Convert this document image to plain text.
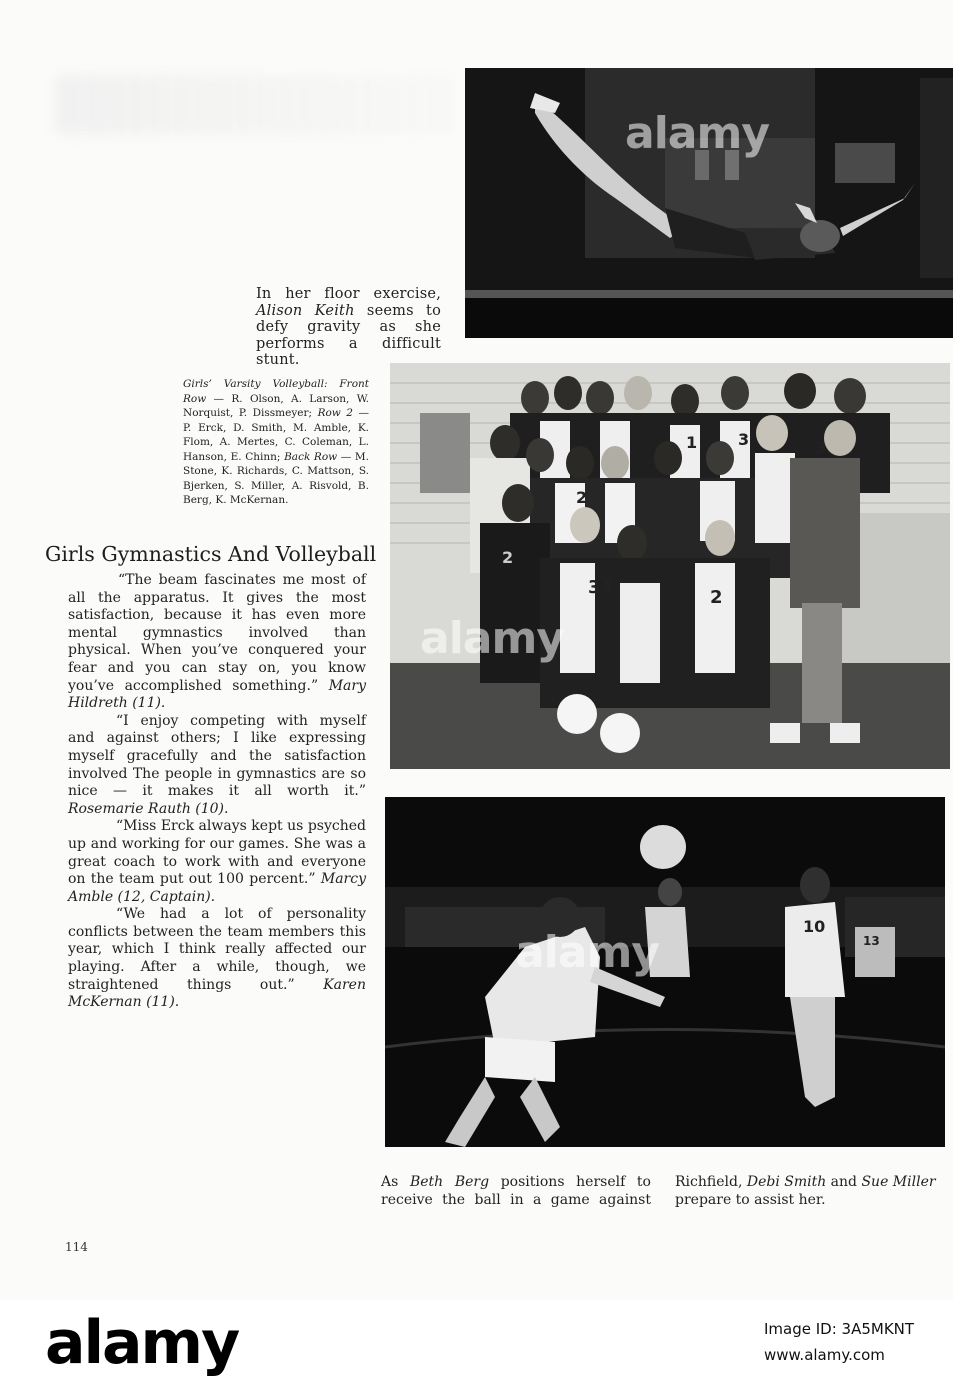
alamy
In her floor exercise, Alison Keith seems to defy gravity as she performs a difficult stunt.
3
1	3
2
2
34	2
alamy
Girls’ Varsity Volleyball: Front Row — R. Olson, A. Larson, W. Norquist, P. Dissmeyer; Row 2 — P. Erck, D. Smith, M. Amble, K. Flom, A. Mertes, C. Coleman, L. Hanson, E. Chinn; Back Row — M. Stone, K. Richards, C. Mattson, S. Bjerken, S. Miller, A. Risvold, B. Berg, K. McKernan.
Girls Gymnastics And Volleyball

“The beam fascinates me most of all the apparatus. It gives the most satisfaction, because it has even more mental gymnastics involved than physical. When you’ve conquered your fear and you can stay on, you know you’ve accomplished something.” Mary Hildreth (11).

“I enjoy competing with myself and against others; I like expressing myself gracefully and the satisfaction involved The people in gymnastics are so nice — it makes it all worth it.” Rosemarie Rauth (10).

“Miss Erck always kept us psyched up and working for our games. She was a great coach to work with and everyone on the team put out 100 percent.” Marcy Amble (12, Captain).

“We had a lot of personality conflicts between the team members this year, which I think really affected our playing. After a while, though, we straightened things out.” Karen McKernan (11).

10
13
alamy
As Beth Berg positions herself to receive the ball in a game against
Richfield, Debi Smith and Sue Miller prepare to assist her.
114
alamy	Image ID: 3A5MKNT
www.alamy.com
